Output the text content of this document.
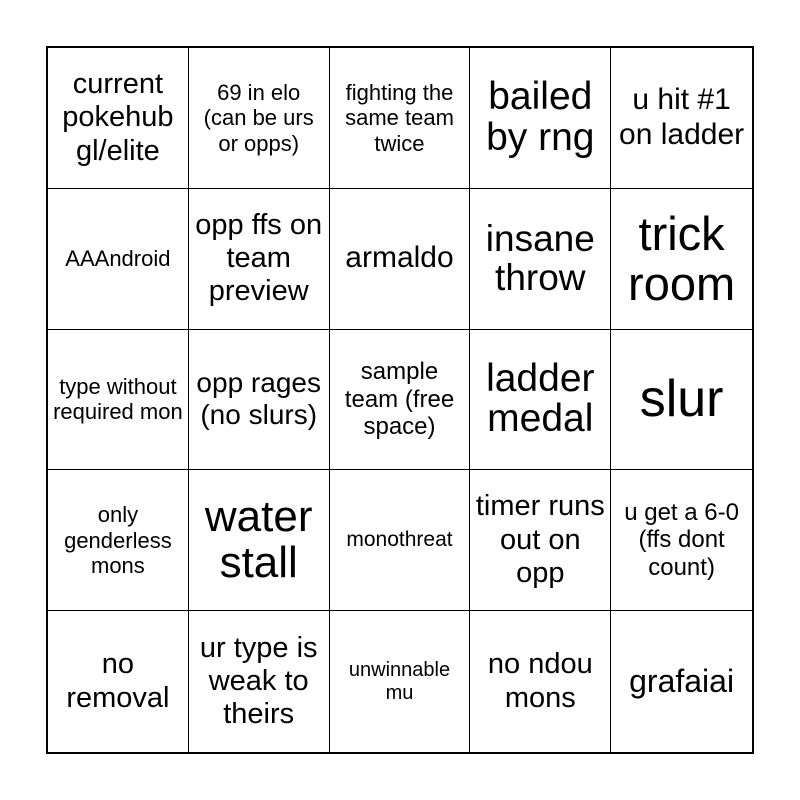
current pokehub gl/elite
69 in elo (can be urs or opps)
fighting the same team twice
bailed by rng
u hit #1 on ladder
AAAndroid
opp ffs on team preview
armaldo insane throw
trick room
type without required mon
opp rages (no slurs)
sample team (free space)
ladder medal slur
only genderless mons
water stall	monothreat
timer runs out on opp
u get a 6-0 (ffs dont count)
no removal
ur type is weak to theirs
unwinnable mu
no ndou mons	grafaiai
